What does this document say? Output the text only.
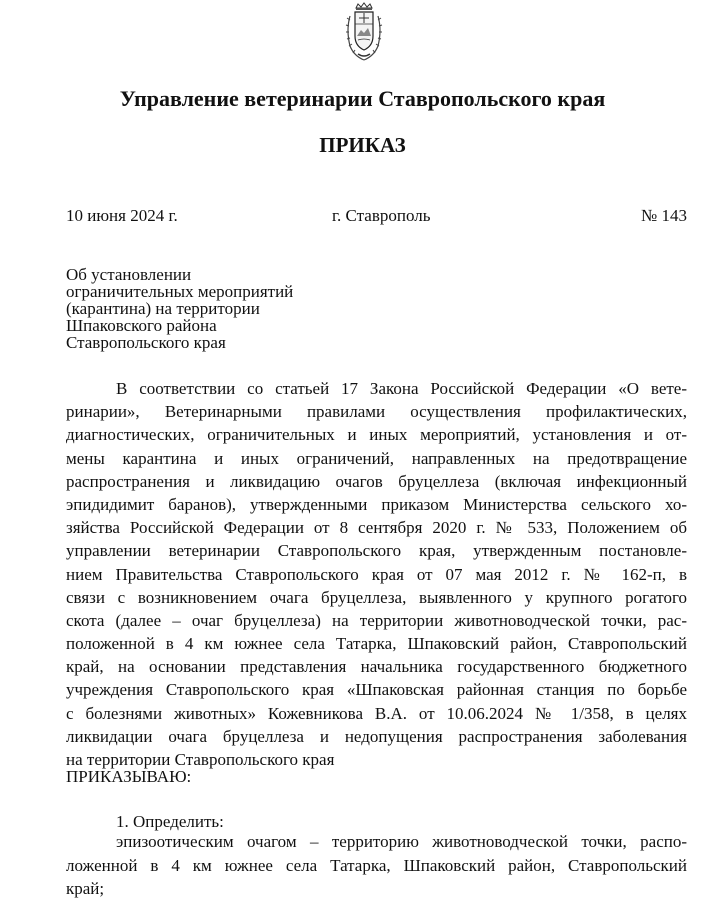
Управление ветеринарии Ставропольского края
ПРИКАЗ
10 июня 2024 г.	г. Ставрополь	№ 143
Об установлении
ограничительных мероприятий
(карантина) на территории
Шпаковского района
Ставропольского края
В соответствии со статьей 17 Закона Российской Федерации «О вете-
ринарии», Ветеринарными правилами осуществления профилактических,
диагностических, ограничительных и иных мероприятий, установления и от-
мены карантина и иных ограничений, направленных на предотвращение
распространения и ликвидацию очагов бруцеллеза (включая инфекционный
эпидидимит баранов), утвержденными приказом Министерства сельского хо-
зяйства Российской Федерации от 8 сентября 2020 г. № 533, Положением об
управлении ветеринарии Ставропольского края, утвержденным постановле-
нием Правительства Ставропольского края от 07 мая 2012 г. № 162-п, в
связи с возникновением очага бруцеллеза, выявленного у крупного рогатого
скота (далее – очаг бруцеллеза) на территории животноводческой точки, рас-
положенной в 4 км южнее села Татарка, Шпаковский район, Ставропольский
край, на основании представления начальника государственного бюджетного
учреждения Ставропольского края «Шпаковская районная станция по борьбе
с болезнями животных» Кожевникова В.А. от 10.06.2024 № 1/358, в целях
ликвидации очага бруцеллеза и недопущения распространения заболевания
на территории Ставропольского края
ПРИКАЗЫВАЮ:
1. Определить:
эпизоотическим очагом – территорию животноводческой точки, распо-
ложенной в 4 км южнее села Татарка, Шпаковский район, Ставропольский
край;
